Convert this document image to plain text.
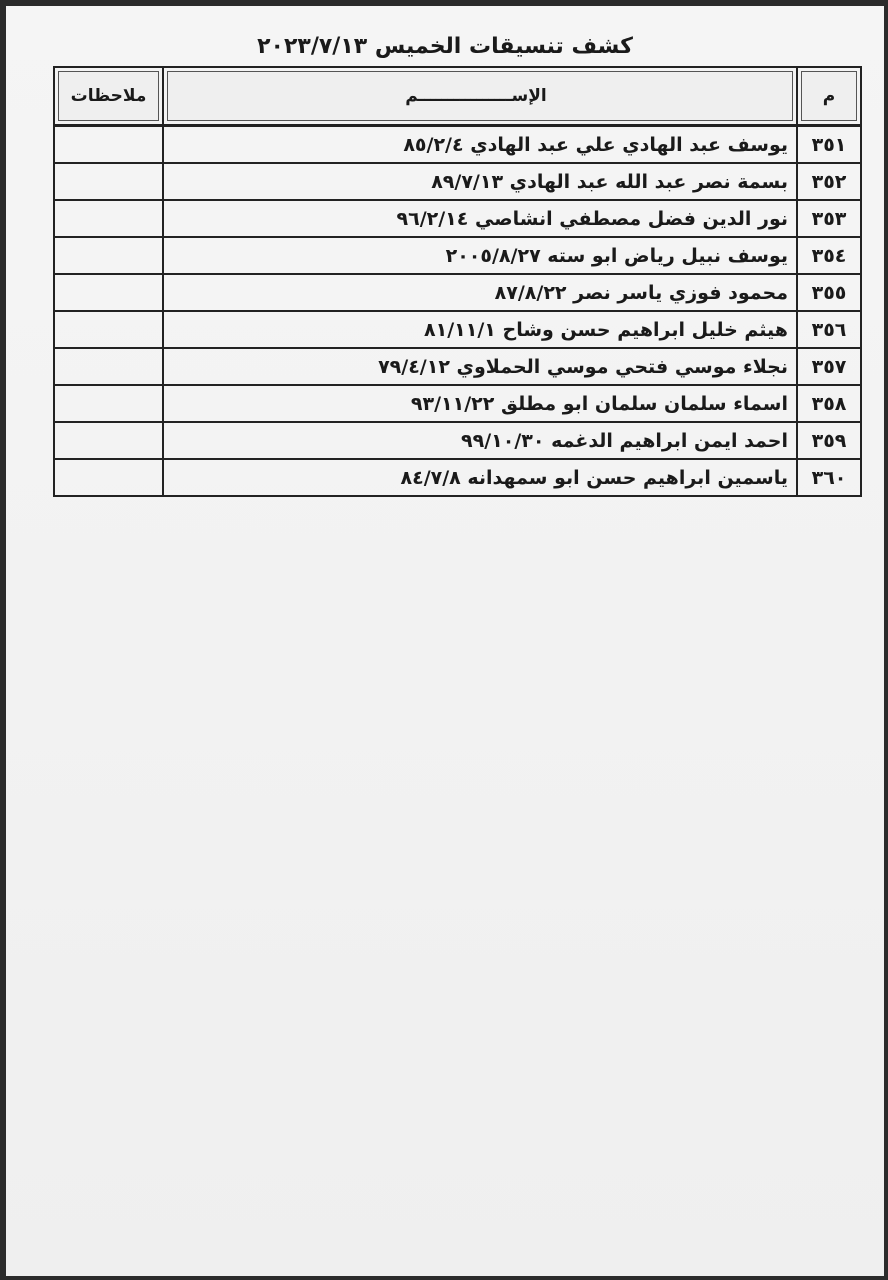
كشف تنسيقات الخميس ٢٠٢٣/٧/١٣
م	الإســــــــــــــــم	ملاحظات
٣٥١	يوسف عبد الهادي علي عبد الهادي ٨٥/٢/٤	
٣٥٢	بسمة نصر عبد الله عبد الهادي ٨٩/٧/١٣	
٣٥٣	نور الدين فضل مصطفي انشاصي ٩٦/٢/١٤	
٣٥٤	يوسف نبيل رياض ابو سته ٢٠٠٥/٨/٢٧	
٣٥٥	محمود فوزي ياسر نصر ٨٧/٨/٢٢	
٣٥٦	هيثم خليل ابراهيم حسن وشاح ٨١/١١/١	
٣٥٧	نجلاء موسي فتحي موسي الحملاوي ٧٩/٤/١٢	
٣٥٨	اسماء سلمان سلمان ابو مطلق ٩٣/١١/٢٢	
٣٥٩	احمد ايمن ابراهيم الدغمه ٩٩/١٠/٣٠	
٣٦٠	ياسمين ابراهيم حسن ابو سمهدانه ٨٤/٧/٨	
